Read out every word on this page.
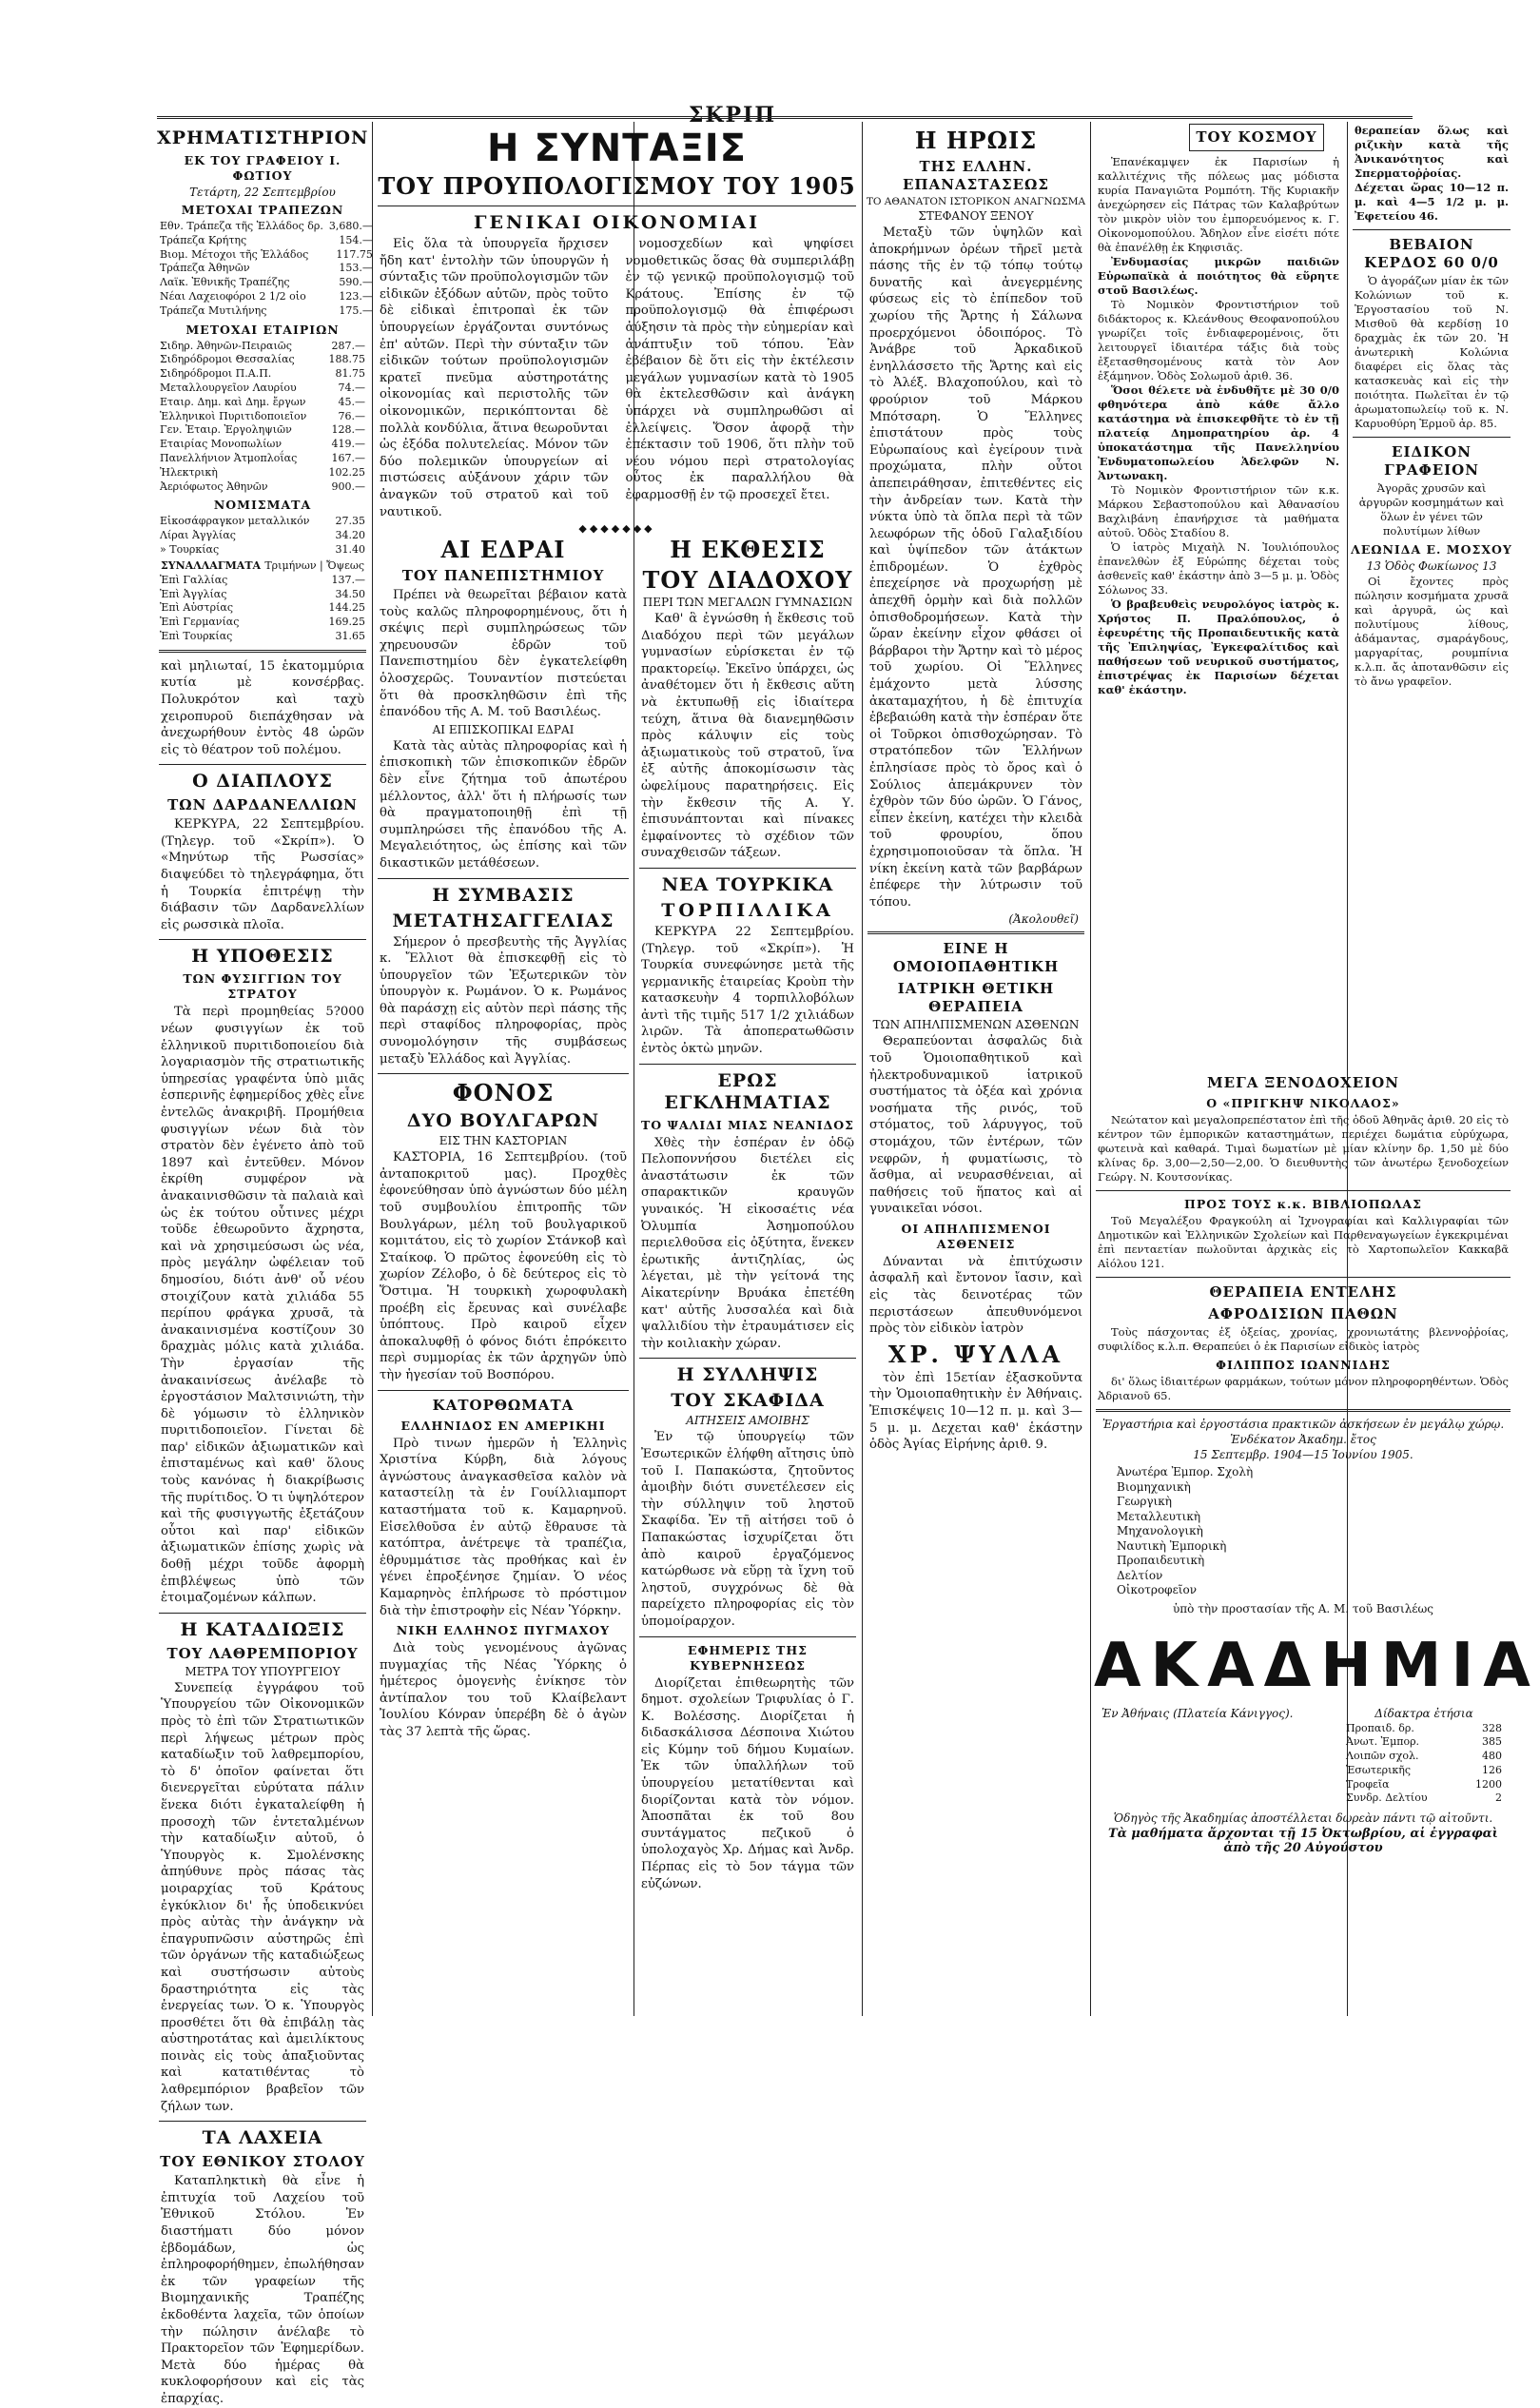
ΣΚΡΙΠ
ΧΡΗΜΑΤΙΣΤΗΡΙΟΝ
ΕΚ ΤΟΥ ΓΡΑΦΕΙΟΥ Ι. ΦΩΤΙΟΥ
Τετάρτη, 22 Σεπτεμβρίου
ΜΕΤΟΧΑΙ ΤΡΑΠΕΖΩΝ
Εθν. Τράπεζα τῆς Ἑλλάδος δρ.	3,680.—
Τράπεζα Κρήτης	154.—
Βιομ. Μέτοχοι τῆς Ἑλλάδος	117.75
Τράπεζα Ἀθηνῶν	153.—
Λαϊκ. Ἐθνικῆς Τραπέζης	590.—
Νέαι Λαχειοφόροι 2 1/2 οἰο	123.—
Τράπεζα Μυτιλήνης	175.—
ΜΕΤΟΧΑΙ ΕΤΑΙΡΙΩΝ
Σιδηρ. Ἀθηνῶν-Πειραιῶς	287.—
Σιδηρόδρομοι Θεσσαλίας	188.75
Σιδηρόδρομοι Π.Α.Π.	81.75
Μεταλλουργεῖον Λαυρίου	74.—
Εταιρ. Δημ. καὶ Δημ. ἔργων	45.—
Ἑλληνικοὶ Πυριτιδοποιεῖον	76.—
Γεν. Ἑταιρ. Ἐργοληψιῶν	128.—
Εταιρίας Μονοπωλίων	419.—
Πανελλήνιον Ἀτμοπλοΐας	167.—
Ἠλεκτρικὴ	102.25
Ἀεριόφωτος Ἀθηνῶν	900.—
ΝΟΜΙΣΜΑΤΑ
Εἰκοσάφραγκον μεταλλικόν	27.35
Λίραι Ἀγγλίας	34.20
» Τουρκίας	31.40
ΣΥΝΑΛΛΑΓΜΑΤΑ Τριμήνων | Ὄψεως
Ἐπὶ Γαλλίας	137.—
Ἐπὶ Ἀγγλίας	34.50
Ἐπὶ Αὐστρίας	144.25
Ἐπὶ Γερμανίας	169.25
Ἐπὶ Τουρκίας	31.65

καὶ μηλιωταί, 15 ἑκατομμύρια κυτία μὲ κονσέρβας. Πολυκρότον καὶ ταχὺ χειροπυροῦ διεπάχθησαν νὰ ἀνεχωρήθουν ἐντὸς 48 ὡρῶν εἰς τὸ θέατρον τοῦ πολέμου.

Ο ΔΙΑΠΛΟΥΣ
ΤΩΝ ΔΑΡΔΑΝΕΛΛΙΩΝ

ΚΕΡΚΥΡΑ, 22 Σεπτεμβρίου. (Τηλεγρ. τοῦ «Σκρίπ»). Ὁ «Μηνύτωρ τῆς Ρωσσίας» διαψεύδει τὸ τηλεγράφημα, ὅτι ἡ Τουρκία ἐπιτρέψῃ τὴν διάβασιν τῶν Δαρδανελλίων εἰς ρωσσικὰ πλοῖα.

Η ΥΠΟΘΕΣΙΣ
ΤΩΝ ΦΥΣΙΓΓΙΩΝ ΤΟΥ ΣΤΡΑΤΟΥ

Τὰ περὶ προμηθείας 5?000 νέων φυσιγγίων ἐκ τοῦ ἑλληνικοῦ πυριτιδοποιείου διὰ λογαριασμὸν τῆς στρατιωτικῆς ὑπηρεσίας γραφέντα ὑπὸ μιᾶς ἑσπερινῆς ἐφημερίδος χθὲς εἶνε ἐντελῶς ἀνακριβῆ. Προμήθεια φυσιγγίων νέων διὰ τὸν στρατὸν δὲν ἐγένετο ἀπὸ τοῦ 1897 καὶ ἐντεῦθεν. Μόνον ἐκρίθη συμφέρον νὰ ἀνακαινισθῶσιν τὰ παλαιὰ καὶ ὡς ἐκ τούτου οὗτινες μέχρι τοῦδε ἐθεωροῦντο ἄχρηστα, καὶ νὰ χρησιμεύσωσι ὡς νέα, πρὸς μεγάλην ὠφέλειαν τοῦ δημοσίου, διότι ἀνθ' οὗ νέου στοιχίζουν κατὰ χιλιάδα 55 περίπου φράγκα χρυσᾶ, τὰ ἀνακαινισμένα κοστίζουν 30 δραχμὰς μόλις κατὰ χιλιάδα. Τὴν ἐργασίαν τῆς ἀνακαινίσεως ἀνέλαβε τὸ ἐργοστάσιον Μαλτσινιώτη, τὴν δὲ γόμωσιν τὸ ἑλληνικὸν πυριτιδοποιεῖον. Γίνεται δὲ παρ' εἰδικῶν ἀξιωματικῶν καὶ ἐπισταμένως καὶ καθ' ὅλους τοὺς κανόνας ἡ διακρίβωσις τῆς πυρίτιδος. Ὁ τι ὑψηλότερον καὶ τῆς φυσιγγωτῆς ἐξετάζουν οὗτοι καὶ παρ' εἰδικῶν ἀξιωματικῶν ἐπίσης χωρὶς νὰ δοθῇ μέχρι τοῦδε ἀφορμὴ ἐπιβλέψεως ὑπὸ τῶν ἑτοιμαζομένων κάλπων.

Η ΚΑΤΑΔΙΩΞΙΣ
ΤΟΥ ΛΑΘΡΕΜΠΟΡΙΟΥ
ΜΕΤΡΑ ΤΟΥ ΥΠΟΥΡΓΕΙΟΥ

Συνεπείᾳ ἐγγράφου τοῦ Ὑπουργείου τῶν Οἰκονομικῶν πρὸς τὸ ἐπὶ τῶν Στρατιωτικῶν περὶ λήψεως μέτρων πρὸς καταδίωξιν τοῦ λαθρεμπορίου, τὸ δ' ὁποῖον φαίνεται ὅτι διενεργεῖται εὐρύτατα πάλιν ἕνεκα διότι ἐγκαταλείφθη ἡ προσοχὴ τῶν ἐντεταλμένων τὴν καταδίωξιν αὐτοῦ, ὁ Ὑπουργὸς κ. Σμολένσκης ἀπηύθυνε πρὸς πάσας τὰς μοιραρχίας τοῦ Κράτους ἐγκύκλιον δι' ἧς ὑποδεικνύει πρὸς αὐτὰς τὴν ἀνάγκην νὰ ἐπαγρυπνῶσιν αὐστηρῶς ἐπὶ τῶν ὀργάνων τῆς καταδιώξεως καὶ συστήσωσιν αὐτοὺς δραστηριότητα εἰς τὰς ἐνεργείας των. Ὁ κ. Ὑπουργὸς προσθέτει ὅτι θὰ ἐπιβάλῃ τὰς αὐστηροτάτας καὶ ἀμειλίκτους ποινὰς εἰς τοὺς ἀπαξιοῦντας καὶ κατατιθέντας τὸ λαθρεμπόριον βραβεῖον τῶν ζήλων των.

ΤΑ ΛΑΧΕΙΑ
ΤΟΥ ΕΘΝΙΚΟΥ ΣΤΟΛΟΥ

Καταπληκτικὴ θὰ εἶνε ἡ ἐπιτυχία τοῦ Λαχείου τοῦ Ἐθνικοῦ Στόλου. Ἐν διαστήματι δύο μόνον ἑβδομάδων, ὡς ἐπληροφορήθημεν, ἐπωλήθησαν ἐκ τῶν γραφείων τῆς Βιομηχανικῆς Τραπέζης ἐκδοθέντα λαχεῖα, τῶν ὁποίων τὴν πώλησιν ἀνέλαβε τὸ Πρακτορεῖον τῶν Ἐφημερίδων. Μετὰ δύο ἡμέρας θὰ κυκλοφορήσουν καὶ εἰς τὰς ἐπαρχίας.

Η ΣΥΝΤΑΞΙΣ
ΤΟΥ ΠΡΟΥΠΟΛΟΓΙΣΜΟΥ ΤΟΥ 1905
ΓΕΝΙΚΑΙ ΟΙΚΟΝΟΜΙΑΙ

Εἰς ὅλα τὰ ὑπουργεῖα ἤρχισεν ἤδη κατ' ἐντολὴν τῶν ὑπουργῶν ἡ σύνταξις τῶν προϋπολογισμῶν τῶν εἰδικῶν ἐξόδων αὐτῶν, πρὸς τοῦτο δὲ εἰδικαὶ ἐπιτροπαὶ ἐκ τῶν ὑπουργείων ἐργάζονται συντόνως ἐπ' αὐτῶν. Περὶ τὴν σύνταξιν τῶν εἰδικῶν τούτων προϋπολογισμῶν κρατεῖ πνεῦμα αὐστηροτάτης οἰκονομίας καὶ περιστολῆς τῶν οἰκονομικῶν, περικόπτονται δὲ πολλὰ κονδύλια, ἅτινα θεωροῦνται ὡς ἐξόδα πολυτελείας. Μόνον τῶν δύο πολεμικῶν ὑπουργείων αἱ πιστώσεις αὐξάνουν χάριν τῶν ἀναγκῶν τοῦ στρατοῦ καὶ τοῦ ναυτικοῦ.

νομοσχεδίων καὶ ψηφίσει νομοθετικῶς ὅσας θὰ συμπεριλάβῃ ἐν τῷ γενικῷ προϋπολογισμῷ τοῦ Κράτους. Ἐπίσης ἐν τῷ προϋπολογισμῷ θὰ ἐπιφέρωσι ἀύξησιν τὰ πρὸς τὴν εὐημερίαν καὶ ἀνάπτυξιν τοῦ τόπου. Ἐὰν ἐβέβαιον δὲ ὅτι εἰς τὴν ἐκτέλεσιν μεγάλων γυμνασίων κατὰ τὸ 1905 θὰ ἐκτελεσθῶσιν καὶ ἀνάγκη ὑπάρχει νὰ συμπληρωθῶσι αἱ ἐλλείψεις. Ὅσον ἀφορᾷ τὴν ἐπέκτασιν τοῦ 1906, ὅτι πλὴν τοῦ νέου νόμου περὶ στρατολογίας οὗτος ἐκ παραλλήλου θὰ ἐφαρμοσθῇ ἐν τῷ προσεχεῖ ἔτει.

◆◆◆◆◆◆◆
ΑΙ ΕΔΡΑΙ
ΤΟΥ ΠΑΝΕΠΙΣΤΗΜΙΟΥ

Πρέπει νὰ θεωρεῖται βέβαιον κατὰ τοὺς καλῶς πληροφορημένους, ὅτι ἡ σκέψις περὶ συμπληρώσεως τῶν χηρευουσῶν ἐδρῶν τοῦ Πανεπιστημίου δὲν ἐγκατελείφθη ὁλοσχερῶς. Τουναντίον πιστεύεται ὅτι θὰ προσκληθῶσιν ἐπὶ τῆς ἐπανόδου τῆς Α. Μ. τοῦ Βασιλέως.

ΑΙ ΕΠΙΣΚΟΠΙΚΑΙ ΕΔΡΑΙ

Κατὰ τὰς αὐτὰς πληροφορίας καὶ ἡ ἐπισκοπικὴ τῶν ἐπισκοπικῶν ἐδρῶν δὲν εἶνε ζήτημα τοῦ ἀπωτέρου μέλλοντος, ἀλλ' ὅτι ἡ πλήρωσίς των θὰ πραγματοποιηθῇ ἐπὶ τῇ συμπληρώσει τῆς ἐπανόδου τῆς Α. Μεγαλειότητος, ὡς ἐπίσης καὶ τῶν δικαστικῶν μετάθέσεων.

Η ΣΥΜΒΑΣΙΣ
ΜΕΤΑΤΗΣΑΓΓΕΛΙΑΣ

Σήμερον ὁ πρεσβευτὴς τῆς Ἀγγλίας κ. Ἔλλιοτ θὰ ἐπισκεφθῇ εἰς τὸ ὑπουργεῖον τῶν Ἐξωτερικῶν τὸν ὑπουργὸν κ. Ρωμάνον. Ὁ κ. Ρωμάνος θὰ παράσχῃ εἰς αὐτὸν περὶ πάσης τῆς περὶ σταφίδος πληροφορίας, πρὸς συνομολόγησιν τῆς συμβάσεως μεταξὺ Ἑλλάδος καὶ Ἀγγλίας.

ΦΟΝΟΣ
ΔΥΟ ΒΟΥΛΓΑΡΩΝ
ΕΙΣ ΤΗΝ ΚΑΣΤΟΡΙΑΝ

ΚΑΣΤΟΡΙΑ, 16 Σεπτεμβρίου. (τοῦ ἀνταποκριτοῦ μας). Προχθὲς ἐφονεύθησαν ὑπὸ ἀγνώστων δύο μέλη τοῦ συμβουλίου ἐπιτροπῆς τῶν Βουλγάρων, μέλη τοῦ βουλγαρικοῦ κομιτάτου, εἰς τὸ χωρίον Στάνκοβ καὶ Σταίκοφ. Ὁ πρῶτος ἐφονεύθη εἰς τὸ χωρίον Ζέλοβο, ὁ δὲ δεύτερος εἰς τὸ Ὅστιμα. Ἡ τουρκικὴ χωροφυλακὴ προέβη εἰς ἔρευνας καὶ συνέλαβε ὑπόπτους. Πρὸ καιροῦ εἶχεν ἀποκαλυφθῇ ὁ φόνος διότι ἐπρόκειτο περὶ συμμορίας ἐκ τῶν ἀρχηγῶν ὑπὸ τὴν ἡγεσίαν τοῦ Βοσπόρου.

ΚΑΤΟΡΘΩΜΑΤΑ
ΕΛΛΗΝΙΔΟΣ ΕΝ ΑΜΕΡΙΚΗΙ

Πρὸ τινων ἡμερῶν ἡ Ἑλληνὶς Χριστίνα Κύρβη, διὰ λόγους ἀγνώστους ἀναγκασθεῖσα καλὸν νὰ καταστείλῃ τὰ ἐν Γουίλλιαμπορτ καταστήματα τοῦ κ. Καμαρηνοῦ. Εἰσελθοῦσα ἐν αὐτῷ ἔθραυσε τὰ κατόπτρα, ἀνέτρεψε τὰ τραπέζια, ἐθρυμμάτισε τὰς προθήκας καὶ ἐν γένει ἐπροξένησε ζημίαν. Ὁ νέος Καμαρηνὸς ἐπλήρωσε τὸ πρόστιμον διὰ τὴν ἐπιστροφὴν εἰς Νέαν Ὑόρκην.

ΝΙΚΗ ΕΛΛΗΝΟΣ ΠΥΓΜΑΧΟΥ

Διὰ τοὺς γενομένους ἀγῶνας πυγμαχίας τῆς Νέας Ὑόρκης ὁ ἡμέτερος ὁμογενὴς ἐνίκησε τὸν ἀντίπαλον του τοῦ Κλαίβελαντ Ἰουλίου Κόνραν ὑπερέβη δὲ ὁ ἀγὼν τὰς 37 λεπτὰ τῆς ὥρας.

Η ΕΚΘΕΣΙΣ
ΤΟΥ ΔΙΑΔΟΧΟΥ
ΠΕΡΙ ΤΩΝ ΜΕΓΑΛΩΝ ΓΥΜΝΑΣΙΩΝ

Καθ' ἃ ἐγνώσθη ἡ ἔκθεσις τοῦ Διαδόχου περὶ τῶν μεγάλων γυμνασίων εὑρίσκεται ἐν τῷ πρακτορείῳ. Ἐκεῖνο ὑπάρχει, ὡς ἀναθέτομεν ὅτι ἡ ἔκθεσις αὕτη νὰ ἐκτυπωθῇ εἰς ἰδιαίτερα τεύχη, ἅτινα θὰ διανεμηθῶσιν πρὸς κάλυψιν εἰς τοὺς ἀξιωματικοὺς τοῦ στρατοῦ, ἵνα ἐξ αὐτῆς ἀποκομίσωσιν τὰς ὠφελίμους παρατηρήσεις. Εἰς τὴν ἔκθεσιν τῆς Α. Υ. ἐπισυνάπτονται καὶ πίνακες ἐμφαίνοντες τὸ σχέδιον τῶν συναχθεισῶν τάξεων.

ΝΕΑ ΤΟΥΡΚΙΚΑ
ΤΟΡΠΙΛΛΙΚΑ

ΚΕΡΚΥΡΑ 22 Σεπτεμβρίου. (Τηλεγρ. τοῦ «Σκρίπ»). Ἡ Τουρκία συνεφώνησε μετὰ τῆς γερμανικῆς ἑταιρείας Κροὺπ τὴν κατασκευὴν 4 τορπιλλοβόλων ἀντὶ τῆς τιμῆς 517 1/2 χιλιάδων λιρῶν. Τὰ ἀποπερατωθῶσιν ἐντὸς ὀκτὼ μηνῶν.

ΕΡΩΣ ΕΓΚΛΗΜΑΤΙΑΣ
ΤΟ ΨΑΛΙΔΙ ΜΙΑΣ ΝΕΑΝΙΔΟΣ

Χθὲς τὴν ἑσπέραν ἐν ὁδῷ Πελοποννήσου διετέλει εἰς ἀναστάτωσιν ἐκ τῶν σπαρακτικῶν κραυγῶν γυναικός. Ἡ εἰκοσαέτις νέα Ὀλυμπία Ἀσημοπούλου περιελθοῦσα εἰς ὀξύτητα, ἕνεκεν ἐρωτικῆς ἀντιζηλίας, ὡς λέγεται, μὲ τὴν γείτονά της Αἰκατερίνην Βρυάκα ἐπετέθη κατ' αὐτῆς λυσσαλέα καὶ διὰ ψαλλιδίου τὴν ἐτραυμάτισεν εἰς τὴν κοιλιακὴν χώραν.

Η ΣΥΛΛΗΨΙΣ
ΤΟΥ ΣΚΑΦΙΔΑ
ΑΙΤΗΣΕΙΣ ΑΜΟΙΒΗΣ

Ἐν τῷ ὑπουργείῳ τῶν Ἐσωτερικῶν ἐλήφθη αἴτησις ὑπὸ τοῦ Ι. Παπακώστα, ζητοῦντος ἀμοιβὴν διότι συνετέλεσεν εἰς τὴν σύλληψιν τοῦ ληστοῦ Σκαφίδα. Ἐν τῇ αἰτήσει τοῦ ὁ Παπακώστας ἰσχυρίζεται ὅτι ἀπὸ καιροῦ ἐργαζόμενος κατώρθωσε νὰ εὕρῃ τὰ ἴχνη τοῦ ληστοῦ, συγχρόνως δὲ θὰ παρείχετο πληροφορίας εἰς τὸν ὑπομοίραρχον.

ΕΦΗΜΕΡΙΣ ΤΗΣ ΚΥΒΕΡΝΗΣΕΩΣ

Διορίζεται ἐπιθεωρητὴς τῶν δημοτ. σχολείων Τριφυλίας ὁ Γ. Κ. Βολέσσης. Διορίζεται ἡ διδασκάλισσα Δέσποινα Χιώτου εἰς Κύμην τοῦ δήμου Κυμαίων. Ἐκ τῶν ὑπαλλήλων τοῦ ὑπουργείου μετατίθενται καὶ διορίζονται κατὰ τὸν νόμον. Ἀποσπᾶται ἐκ τοῦ 8ου συντάγματος πεζικοῦ ὁ ὑπολοχαγὸς Χρ. Δήμας καὶ Ἀνδρ. Πέρπας εἰς τὸ 5ον τάγμα τῶν εὐζώνων.

Η ΗΡΩΙΣ
ΤΗΣ ΕΛΛΗΝ. ΕΠΑΝΑΣΤΑΣΕΩΣ
ΤΟ ΑΘΑΝΑΤΟΝ ΙΣΤΟΡΙΚΟΝ ΑΝΑΓΝΩΣΜΑ
ΣΤΕΦΑΝΟΥ ΞΕΝΟΥ

Μεταξὺ τῶν ὑψηλῶν καὶ ἀποκρήμνων ὀρέων τῆρεῖ μετὰ πάσης τῆς ἐν τῷ τόπῳ τούτῳ δυνατῆς καὶ ἀνεγερμένης φύσεως εἰς τὸ ἐπίπεδον τοῦ χωρίου τῆς Ἄρτης ἡ Σάλωνα προερχόμενοι ὁδοιπόρος. Τὸ Ἀνάβρε τοῦ Ἀρκαδικοῦ ἐνηλλάσσετο τῆς Ἄρτης καὶ εἰς τὸ Ἀλέξ. Βλαχοπούλου, καὶ τὸ φρούριον τοῦ Μάρκου Μπότσαρη. Ὁ Ἕλληνες ἐπιστάτουν πρὸς τοὺς Εὐρωπαίους καὶ ἐγείρουν τινὰ προχώματα, πλὴν οὗτοι ἀπεπειράθησαν, ἐπιτεθέντες εἰς τὴν ἀνδρείαν των. Κατὰ τὴν νύκτα ὑπὸ τὰ ὅπλα περὶ τὰ τῶν λεωφόρων τῆς ὁδοῦ Γαλαξιδίου καὶ ὑψίπεδον τῶν ἀτάκτων ἐπιδρομέων. Ὁ ἐχθρὸς ἐπεχείρησε νὰ προχωρήσῃ μὲ ἀπεχθῆ ὁρμὴν καὶ διὰ πολλῶν ὀπισθοδρομήσεων. Κατὰ τὴν ὥραν ἐκείνην εἶχον φθάσει οἱ βάρβαροι τὴν Ἄρτην καὶ τὸ μέρος τοῦ χωρίου. Οἱ Ἕλληνες ἐμάχοντο μετὰ λύσσης ἀκαταμαχήτου, ἡ δὲ ἐπιτυχία ἐβεβαιώθη κατὰ τὴν ἑσπέραν ὅτε οἱ Τοῦρκοι ὀπισθοχώρησαν. Τὸ στρατόπεδον τῶν Ἑλλήνων ἐπλησίασε πρὸς τὸ ὄρος καὶ ὁ Σούλιος ἀπεμάκρυνεν τὸν ἐχθρὸν τῶν δύο ὡρῶν. Ὁ Γάνος, εἶπεν ἐκείνη, κατέχει τὴν κλειδὰ τοῦ φρουρίου, ὅπου ἐχρησιμοποιοῦσαν τὰ ὅπλα. Ἡ νίκη ἐκείνη κατὰ τῶν βαρβάρων ἐπέφερε τὴν λύτρωσιν τοῦ τόπου.

(Ἀκολουθεῖ)
ΕΙΝΕ Η ΟΜΟΙΟΠΑΘΗΤΙΚΗ
ΙΑΤΡΙΚΗ ΘΕΤΙΚΗ ΘΕΡΑΠΕΙΑ
ΤΩΝ ΑΠΗΛΠΙΣΜΕΝΩΝ ΑΣΘΕΝΩΝ

Θεραπεύονται ἀσφαλῶς διὰ τοῦ Ὁμοιοπαθητικοῦ καὶ ἠλεκτροδυναμικοῦ ἰατρικοῦ συστήματος τὰ ὀξέα καὶ χρόνια νοσήματα τῆς ρινός, τοῦ στόματος, τοῦ λάρυγγος, τοῦ στομάχου, τῶν ἐντέρων, τῶν νεφρῶν, ἡ φυματίωσις, τὸ ἄσθμα, αἱ νευρασθένειαι, αἱ παθήσεις τοῦ ἥπατος καὶ αἱ γυναικεῖαι νόσοι.

ΟΙ ΑΠΗΛΠΙΣΜΕΝΟΙ ΑΣΘΕΝΕΙΣ

Δύνανται νὰ ἐπιτύχωσιν ἀσφαλῆ καὶ ἔντονον ἴασιν, καὶ εἰς τὰς δεινοτέρας τῶν περιστάσεων ἀπευθυνόμενοι πρὸς τὸν εἰδικὸν ἰατρὸν

ΧΡ. ΨΥΛΛΑ

τὸν ἐπὶ 15ετίαν ἐξασκοῦντα τὴν Ὁμοιοπαθητικὴν ἐν Ἀθήναις. Ἐπισκέψεις 10—12 π. μ. καὶ 3—5 μ. μ. Δεχεται καθ' ἑκάστην ὁδὸς Ἀγίας Εἰρήνης ἀριθ. 9.

ΤΟΥ ΚΟΣΜΟΥ

Ἐπανέκαμψεν ἐκ Παρισίων ἡ καλλιτέχνις τῆς πόλεως μας μόδιστα κυρία Παναγιῶτα Ρομπότη. Τῆς Κυριακῆν ἀνεχώρησεν εἰς Πάτρας τῶν Καλαβρύτων τὸν μικρὸν υἱὸν του ἐμπορευόμενος κ. Γ. Οἰκονομοπούλου. Ἄδηλον εἶνε εἰσέτι πότε θὰ ἐπανέλθῃ ἐκ Κηφισιᾶς.

Ἐνδυμασίας μικρῶν παιδιῶν Εὐρωπαϊκὰ ἀ ποιότητος θὰ εὕρητε στοῦ Βασιλέως.

Τὸ Νομικὸν Φροντιστήριον τοῦ διδάκτορος κ. Κλεάνθους Θεοφανοπούλου γνωρίζει τοῖς ἐνδιαφερομένοις, ὅτι λειτουργεῖ ἰδιαιτέρα τάξις διὰ τοὺς ἐξετασθησομένους κατὰ τὸν Αον ἑξάμηνον. Ὁδὸς Σολωμοῦ ἀριθ. 36.

Ὅσοι θέλετε νὰ ἐνδυθῆτε μὲ 30 0/0 φθηνότερα ἀπὸ κάθε ἄλλο κατάστημα νὰ ἐπισκεφθῆτε τὸ ἐν τῇ πλατείᾳ Δημοπρατηρίου ἀρ. 4 ὑποκατάστημα τῆς Πανελληνίου Ἐνδυματοπωλείου Ἀδελφῶν Ν. Ἀντωνακη.

Τὸ Νομικὸν Φροντιστήριον τῶν κ.κ. Μάρκου Σεβαστοπούλου καὶ Ἀθανασίου Βαχλιβάνη ἐπανήρχισε τὰ μαθήματα αὐτοῦ. Ὁδὸς Σταδίου 8.

Ὁ ἰατρὸς Μιχαὴλ Ν. Ἰουλιόπουλος ἐπανελθὼν ἐξ Εὐρώπης δέχεται τοὺς ἀσθενεῖς καθ' ἑκάστην ἀπὸ 3—5 μ. μ. Ὁδὸς Σόλωνος 33.

Ὁ βραβευθεὶς νευρολόγος ἰατρὸς κ. Χρήστος Π. Πραλόπουλος, ὁ ἐφευρέτης τῆς Προπαιδευτικῆς κατὰ τῆς Ἐπιληψίας, Ἐγκεφαλίτιδος καὶ παθήσεων τοῦ νευρικοῦ συστήματος, ἐπιστρέψας ἐκ Παρισίων δέχεται καθ' ἑκάστην.

θεραπείαν ὅλως καὶ ριζικὴν κατὰ τῆς Ἀνικανότητος καὶ Σπερματοῤῥοίας. Δέχεται ὥρας 10—12 π. μ. καὶ 4—5 1/2 μ. μ. Ἐφετείου 46.

ΒΕΒΑΙΟΝ ΚΕΡΔΟΣ 60 0/0

Ὁ ἀγοράζων μίαν ἐκ τῶν Κολώνιων τοῦ κ. Ἐργοστασίου τοῦ Ν. Μισθοῦ θὰ κερδίσῃ 10 δραχμὰς ἐκ τῶν 20. Ἡ ἀνωτερικὴ Κολώνια διαφέρει εἰς ὅλας τὰς κατασκευὰς καὶ εἰς τὴν ποιότητα. Πωλεῖται ἐν τῷ ἀρωματοπωλείῳ τοῦ κ. Ν. Καρυοθύρη Ἑρμοῦ ἀρ. 85.

ΕΙΔΙΚΟΝ ΓΡΑΦΕΙΟΝ

Ἀγορᾶς χρυσῶν καὶ ἀργυρῶν κοσμημάτων καὶ ὅλων ἐν γένει τῶν πολυτίμων λίθων

ΛΕΩΝΙΔΑ Ε. ΜΟΣΧΟΥ
13 Ὁδὸς Φωκίωνος 13

Οἱ ἔχοντες πρὸς πώλησιν κοσμήματα χρυσᾶ καὶ ἀργυρᾶ, ὡς καὶ πολυτίμους λίθους, ἀδάμαντας, σμαράγδους, μαργαρίτας, ρουμπίνια κ.λ.π. ἄς ἀποτανθῶσιν εἰς τὸ ἄνω γραφεῖον.

ΜΕΓΑ ΞΕΝΟΔΟΧΕΙΟΝ
Ο «ΠΡΙΓΚΗΨ ΝΙΚΟΛΑΟΣ»

Νεώτατον καὶ μεγαλοπρεπέστατον ἐπὶ τῆς ὁδοῦ Ἀθηνᾶς ἀριθ. 20 εἰς τὸ κέντρον τῶν ἐμπορικῶν καταστημάτων, περιέχει δωμάτια εὐρύχωρα, φωτεινὰ καὶ καθαρά. Τιμαὶ δωματίων μὲ μίαν κλίνην δρ. 1,50 μὲ δύο κλίνας δρ. 3,00—2,50—2,00. Ὁ διευθυντὴς τῶν ἀνωτέρω ξενοδοχείων Γεώργ. Ν. Κουτσονίκας.

ΠΡΟΣ ΤΟΥΣ κ.κ. ΒΙΒΛΙΟΠΩΛΑΣ

Τοῦ Μεγαλέξου Φραγκούλη αἱ Ἰχνογραφίαι καὶ Καλλιγραφίαι τῶν Δημοτικῶν καὶ Ἑλληνικῶν Σχολείων καὶ Παρθεναγωγείων ἐγκεκριμέναι ἐπὶ πενταετίαν πωλοῦνται ἀρχικὰς εἰς τὸ Χαρτοπωλεῖον Κακκαβᾶ Αἰόλου 121.

ΘΕΡΑΠΕΙΑ ΕΝΤΕΛΗΣ
ΑΦΡΟΔΙΣΙΩΝ ΠΑΘΩΝ

Τοὺς πάσχοντας ἐξ ὀξείας, χρονίας, χρονιωτάτης βλεννοῤῥοίας, συφιλίδος κ.λ.π. Θεραπεύει ὁ ἐκ Παρισίων εἰδικὸς ἰατρὸς

ΦΙΛΙΠΠΟΣ ΙΩΑΝΝΙΔΗΣ

δι' ὅλως ἰδιαιτέρων φαρμάκων, τούτων μόνον πληροφορηθέντων. Ὁδὸς Ἀδριανοῦ 65.

Ἐργαστήρια καὶ ἐργοστάσια πρακτικῶν ἀσκήσεων ἐν μεγάλῳ χώρῳ.
Ἐνδέκατον Ἀκαδημ. ἔτος
15 Σεπτεμβρ. 1904—15 Ἰουνίου 1905.
Ἀνωτέρα Ἐμπορ. Σχολὴ
Βιομηχανικὴ
Γεωργικὴ
Μεταλλευτικὴ
Μηχανολογικὴ
Ναυτικὴ Ἐμπορικὴ
Προπαιδευτικὴ
Δελτίον
Οἰκοτροφεῖον
ὑπὸ τὴν προστασίαν τῆς Α. Μ. τοῦ Βασιλέως
ΑΚΑΔΗΜΙΑ
Ἐν Ἀθήναις (Πλατεία Κάνιγγος).	Δίδακτρα ἐτήσια
Προπαιδ. δρ.	328
Ἀνωτ. Ἐμπορ.	385
Λοιπῶν σχολ.	480
Ἐσωτερικῆς	126
Τροφεῖα	1200
Συνδρ. Δελτίου	2
Ὁδηγὸς τῆς Ἀκαδημίας ἀποστέλλεται δωρεὰν πάντι τῷ αἰτοῦντι.
Τὰ μαθήματα ἄρχονται τῇ 15 Ὀκτωβρίου, αἱ ἐγγραφαὶ ἀπὸ τῆς 20 Αὐγούστου
